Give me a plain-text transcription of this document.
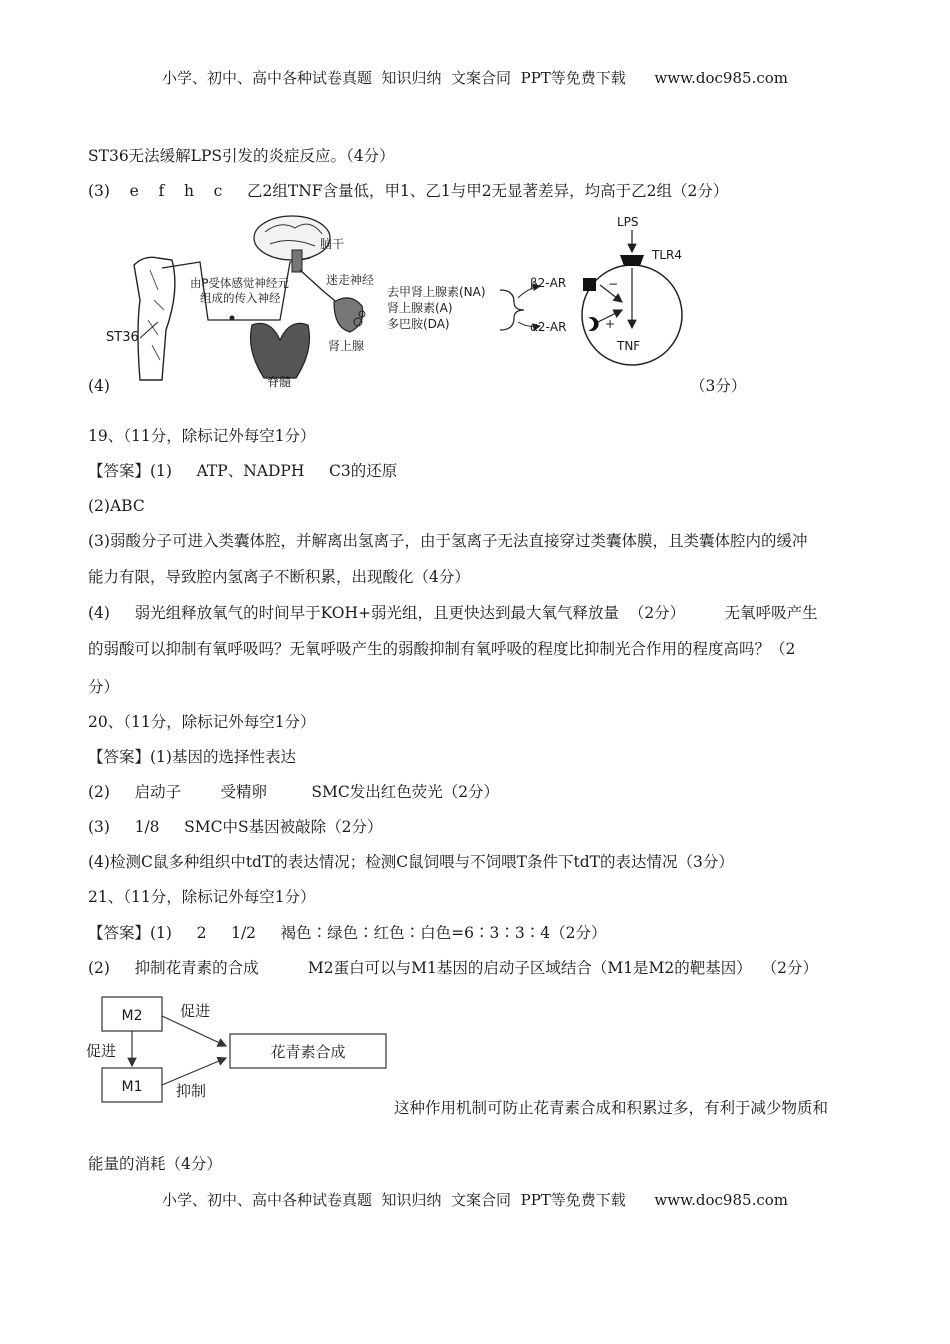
小学、初中、高中各种试卷真题  知识归纳  文案合同  PPT等免费下载      www.doc985.com
ST36无法缓解LPS引发的炎症反应。（4分）
(3)    e    f    h    c     乙2组TNF含量低，甲1、乙1与甲2无显著差异，均高于乙2组（2分）
ST36
由P受体感觉神经元
组成的传入神经
脑干
脊髓
迷走神经
肾上腺
去甲肾上腺素(NA)
肾上腺素(A)
多巴胺(DA)
β2-AR
α2-AR
LPS
TLR4
−
+
TNF
(4)	（3分）
19、（11分，除标记外每空1分）
【答案】(1)     ATP、NADPH     C3的还原
(2)ABC
(3)弱酸分子可进入类囊体腔，并解离出氢离子，由于氢离子无法直接穿过类囊体膜，且类囊体腔内的缓冲
能力有限，导致腔内氢离子不断积累，出现酸化（4分）
(4)     弱光组释放氧气的时间早于KOH+弱光组，且更快达到最大氧气释放量  （2分）        无氧呼吸产生
的弱酸可以抑制有氧呼吸吗？无氧呼吸产生的弱酸抑制有氧呼吸的程度比抑制光合作用的程度高吗？（2
分）
20、（11分，除标记外每空1分）
【答案】(1)基因的选择性表达
(2)     启动子        受精卵         SMC发出红色荧光（2分）
(3)     1/8     SMC中S基因被敲除（2分）
(4)检测C鼠多种组织中tdT的表达情况；检测C鼠饲喂与不饲喂T条件下tdT的表达情况（3分）
21、（11分，除标记外每空1分）
【答案】(1)     2     1/2     褐色∶绿色∶红色∶白色=6∶3∶3∶4（2分）
(2)     抑制花青素的合成          M2蛋白可以与M1基因的启动子区域结合（M1是M2的靶基因）  （2分）
M2
M1
花青素合成
促进
促进
抑制
这种作用机制可防止花青素合成和积累过多，有利于减少物质和
能量的消耗（4分）
小学、初中、高中各种试卷真题  知识归纳  文案合同  PPT等免费下载      www.doc985.com
